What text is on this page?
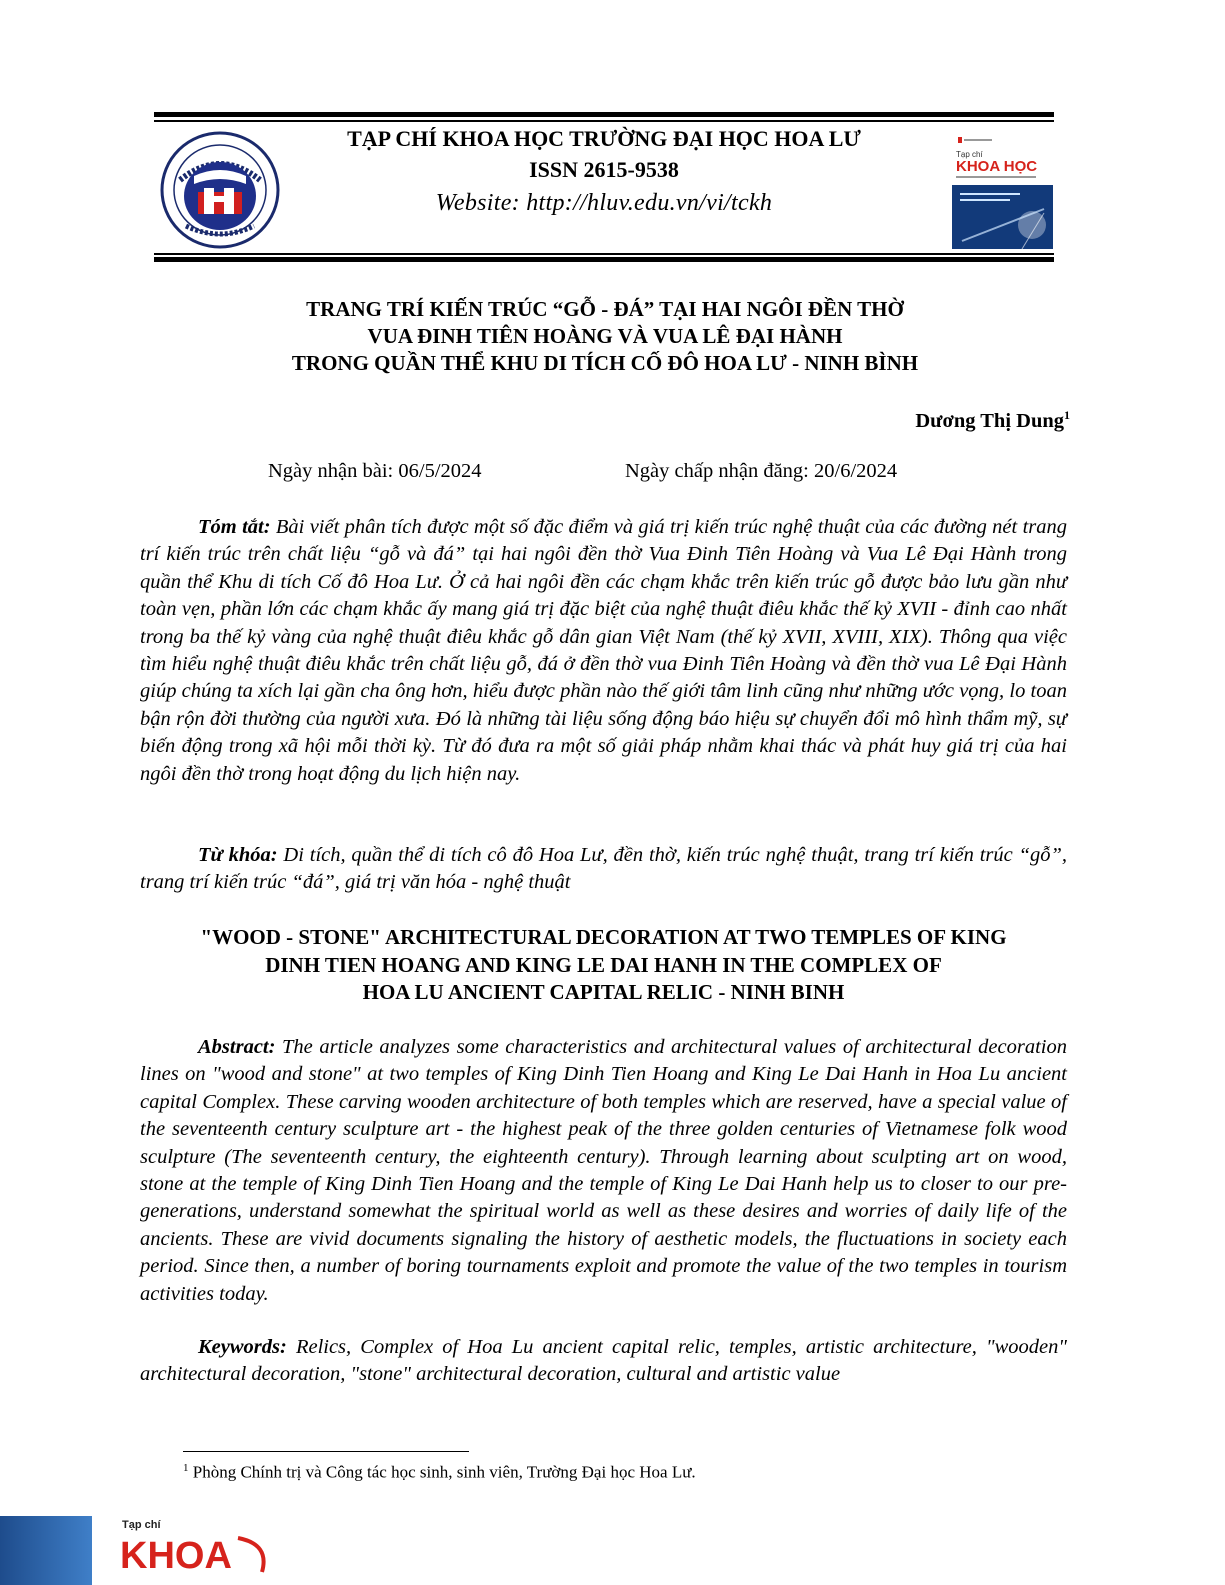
TẠP CHÍ KHOA HỌC TRƯỜNG ĐẠI HỌC HOA LƯ
ISSN 2615-9538
Website: http://hluv.edu.vn/vi/tckh
Tạp chí
KHOA HỌC
TRANG TRÍ KIẾN TRÚC “GỖ - ĐÁ” TẠI HAI NGÔI ĐỀN THỜ
VUA ĐINH TIÊN HOÀNG VÀ VUA LÊ ĐẠI HÀNH
TRONG QUẦN THỂ KHU DI TÍCH CỐ ĐÔ HOA LƯ - NINH BÌNH
Dương Thị Dung$^1$
Ngày nhận bài: 06/5/2024	Ngày chấp nhận đăng: 20/6/2024
Tóm tắt: Bài viết phân tích được một số đặc điểm và giá trị kiến trúc nghệ thuật của các đường nét trang trí kiến trúc trên chất liệu “gỗ và đá” tại hai ngôi đền thờ Vua Đinh Tiên Hoàng và Vua Lê Đại Hành trong quần thể Khu di tích Cố đô Hoa Lư. Ở cả hai ngôi đền các chạm khắc trên kiến trúc gỗ được bảo lưu gần như toàn vẹn, phần lớn các chạm khắc ấy mang giá trị đặc biệt của nghệ thuật điêu khắc thế kỷ XVII - đỉnh cao nhất trong ba thế kỷ vàng của nghệ thuật điêu khắc gỗ dân gian Việt Nam (thế kỷ XVII, XVIII, XIX). Thông qua việc tìm hiểu nghệ thuật điêu khắc trên chất liệu gỗ, đá ở đền thờ vua Đinh Tiên Hoàng và đền thờ vua Lê Đại Hành giúp chúng ta xích lại gần cha ông hơn, hiểu được phần nào thế giới tâm linh cũng như những ước vọng, lo toan bận rộn đời thường của người xưa. Đó là những tài liệu sống động báo hiệu sự chuyển đổi mô hình thẩm mỹ, sự biến động trong xã hội mỗi thời kỳ. Từ đó đưa ra một số giải pháp nhằm khai thác và phát huy giá trị của hai ngôi đền thờ trong hoạt động du lịch hiện nay.
Từ khóa: Di tích, quần thể di tích cô đô Hoa Lư, đền thờ, kiến trúc nghệ thuật, trang trí kiến trúc “gỗ”, trang trí kiến trúc “đá”, giá trị văn hóa - nghệ thuật
"WOOD - STONE" ARCHITECTURAL DECORATION AT TWO TEMPLES OF KING
DINH TIEN HOANG AND KING LE DAI HANH IN THE COMPLEX OF
HOA LU ANCIENT CAPITAL RELIC - NINH BINH
Abstract: The article analyzes some characteristics and architectural values of architectural decoration lines on "wood and stone" at two temples of King Dinh Tien Hoang and King Le Dai Hanh in Hoa Lu ancient capital Complex. These carving wooden architecture of both temples which are reserved, have a special value of the seventeenth century sculpture art - the highest peak of the three golden centuries of Vietnamese folk wood sculpture (The seventeenth century, the eighteenth century). Through learning about sculpting art on wood, stone at the temple of King Dinh Tien Hoang and the temple of King Le Dai Hanh help us to closer to our pre-generations, understand somewhat the spiritual world as well as these desires and worries of daily life of the ancients. These are vivid documents signaling the history of aesthetic models, the fluctuations in society each period. Since then, a number of boring tournaments exploit and promote the value of the two temples in tourism activities today.
Keywords: Relics, Complex of Hoa Lu ancient capital relic, temples, artistic architecture, "wooden" architectural decoration, "stone" architectural decoration, cultural and artistic value
$^1$ Phòng Chính trị và Công tác học sinh, sinh viên, Trường Đại học Hoa Lư.
Tạp chí
KHOA
